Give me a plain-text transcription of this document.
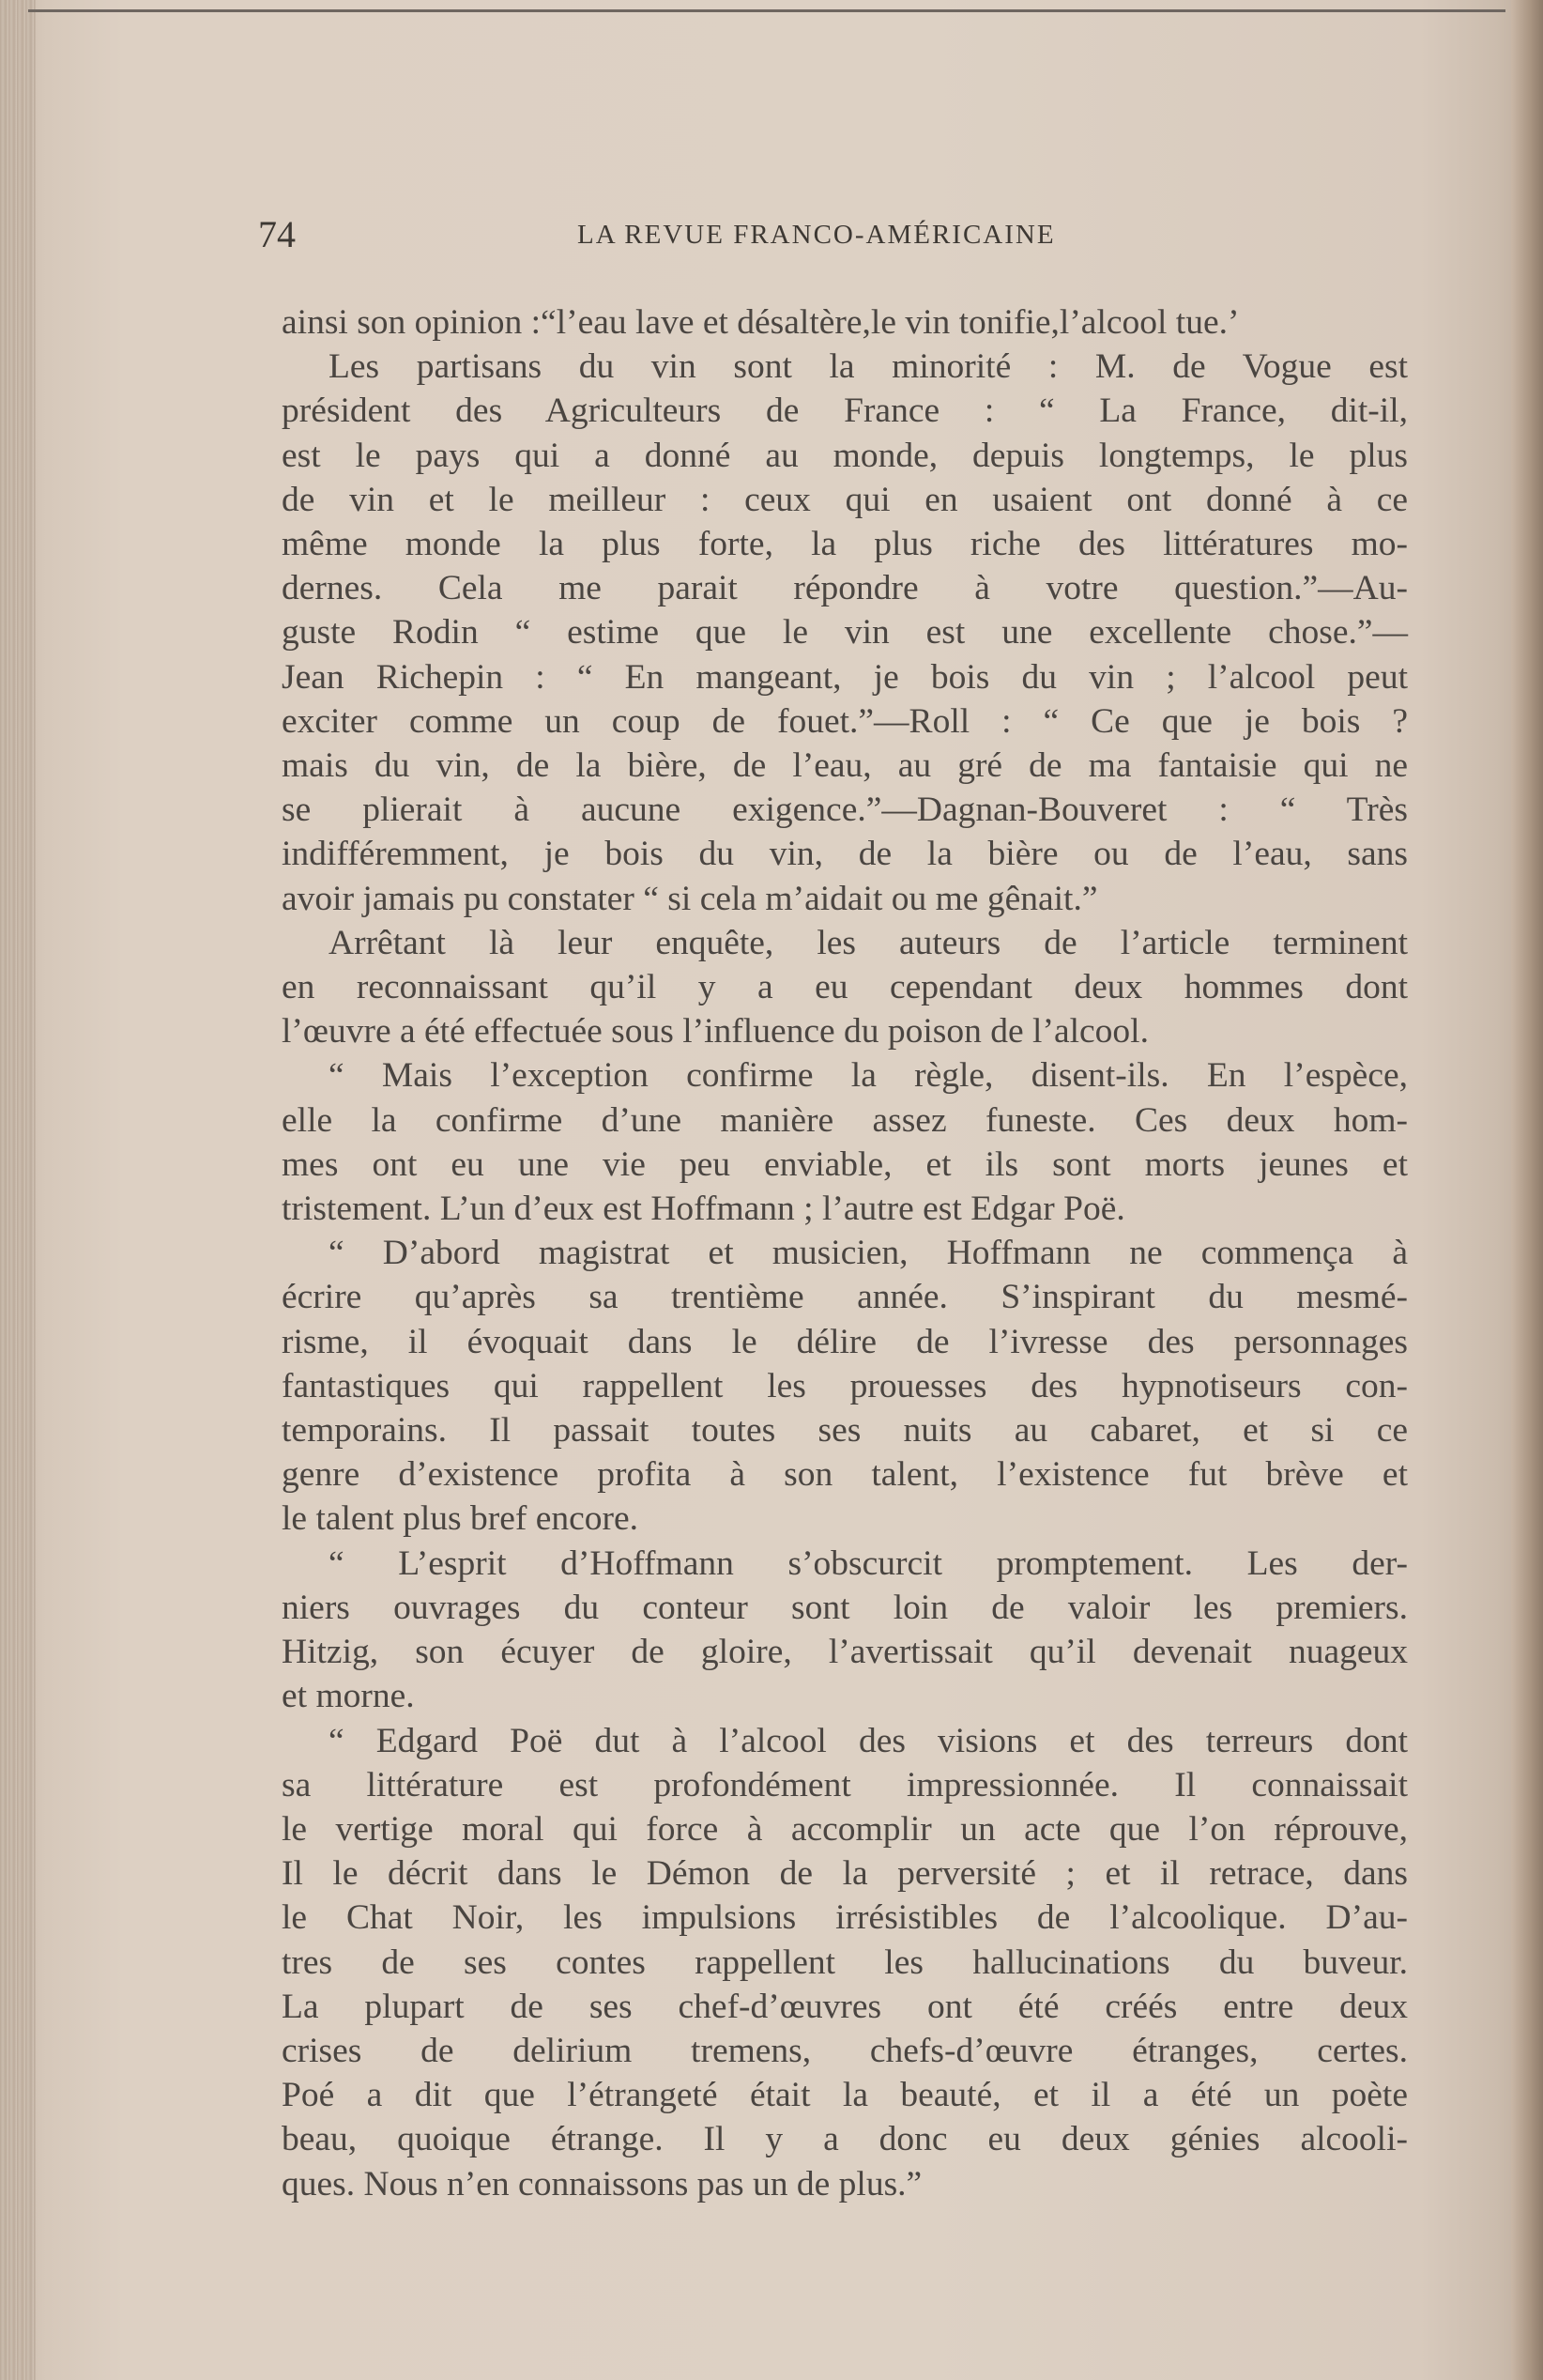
74	LA REVUE FRANCO-AMÉRICAINE
ainsi son opinion :“l’eau lave et désaltère,le vin tonifie,l’alcool tue.’
Les partisans du vin sont la minorité : M. de Vogue est
président des Agriculteurs de France : “ La France, dit-il,
est le pays qui a donné au monde, depuis longtemps, le plus
de vin et le meilleur : ceux qui en usaient ont donné à ce
même monde la plus forte, la plus riche des littératures mo-
dernes. Cela me parait répondre à votre question.”—Au-
guste Rodin “ estime que le vin est une excellente chose.”—
Jean Richepin : “ En mangeant, je bois du vin ; l’alcool peut
exciter comme un coup de fouet.”—Roll : “ Ce que je bois ?
mais du vin, de la bière, de l’eau, au gré de ma fantaisie qui ne
se plierait à aucune exigence.”—Dagnan-Bouveret : “ Très
indifféremment, je bois du vin, de la bière ou de l’eau, sans
avoir jamais pu constater “ si cela m’aidait ou me gênait.”
Arrêtant là leur enquête, les auteurs de l’article terminent
en reconnaissant qu’il y a eu cependant deux hommes dont
l’œuvre a été effectuée sous l’influence du poison de l’alcool.
“ Mais l’exception confirme la règle, disent-ils. En l’espèce,
elle la confirme d’une manière assez funeste. Ces deux hom-
mes ont eu une vie peu enviable, et ils sont morts jeunes et
tristement. L’un d’eux est Hoffmann ; l’autre est Edgar Poë.
“ D’abord magistrat et musicien, Hoffmann ne commença à
écrire qu’après sa trentième année. S’inspirant du mesmé-
risme, il évoquait dans le délire de l’ivresse des personnages
fantastiques qui rappellent les prouesses des hypnotiseurs con-
temporains. Il passait toutes ses nuits au cabaret, et si ce
genre d’existence profita à son talent, l’existence fut brève et
le talent plus bref encore.
“ L’esprit d’Hoffmann s’obscurcit promptement. Les der-
niers ouvrages du conteur sont loin de valoir les premiers.
Hitzig, son écuyer de gloire, l’avertissait qu’il devenait nuageux
et morne.
“ Edgard Poë dut à l’alcool des visions et des terreurs dont
sa littérature est profondément impressionnée. Il connaissait
le vertige moral qui force à accomplir un acte que l’on réprouve,
Il le décrit dans le Démon de la perversité ; et il retrace, dans
le Chat Noir, les impulsions irrésistibles de l’alcoolique. D’au-
tres de ses contes rappellent les hallucinations du buveur.
La plupart de ses chef-d’œuvres ont été créés entre deux
crises de delirium tremens, chefs-d’œuvre étranges, certes.
Poé a dit que l’étrangeté était la beauté, et il a été un poète
beau, quoique étrange. Il y a donc eu deux génies alcooli-
ques. Nous n’en connaissons pas un de plus.”
